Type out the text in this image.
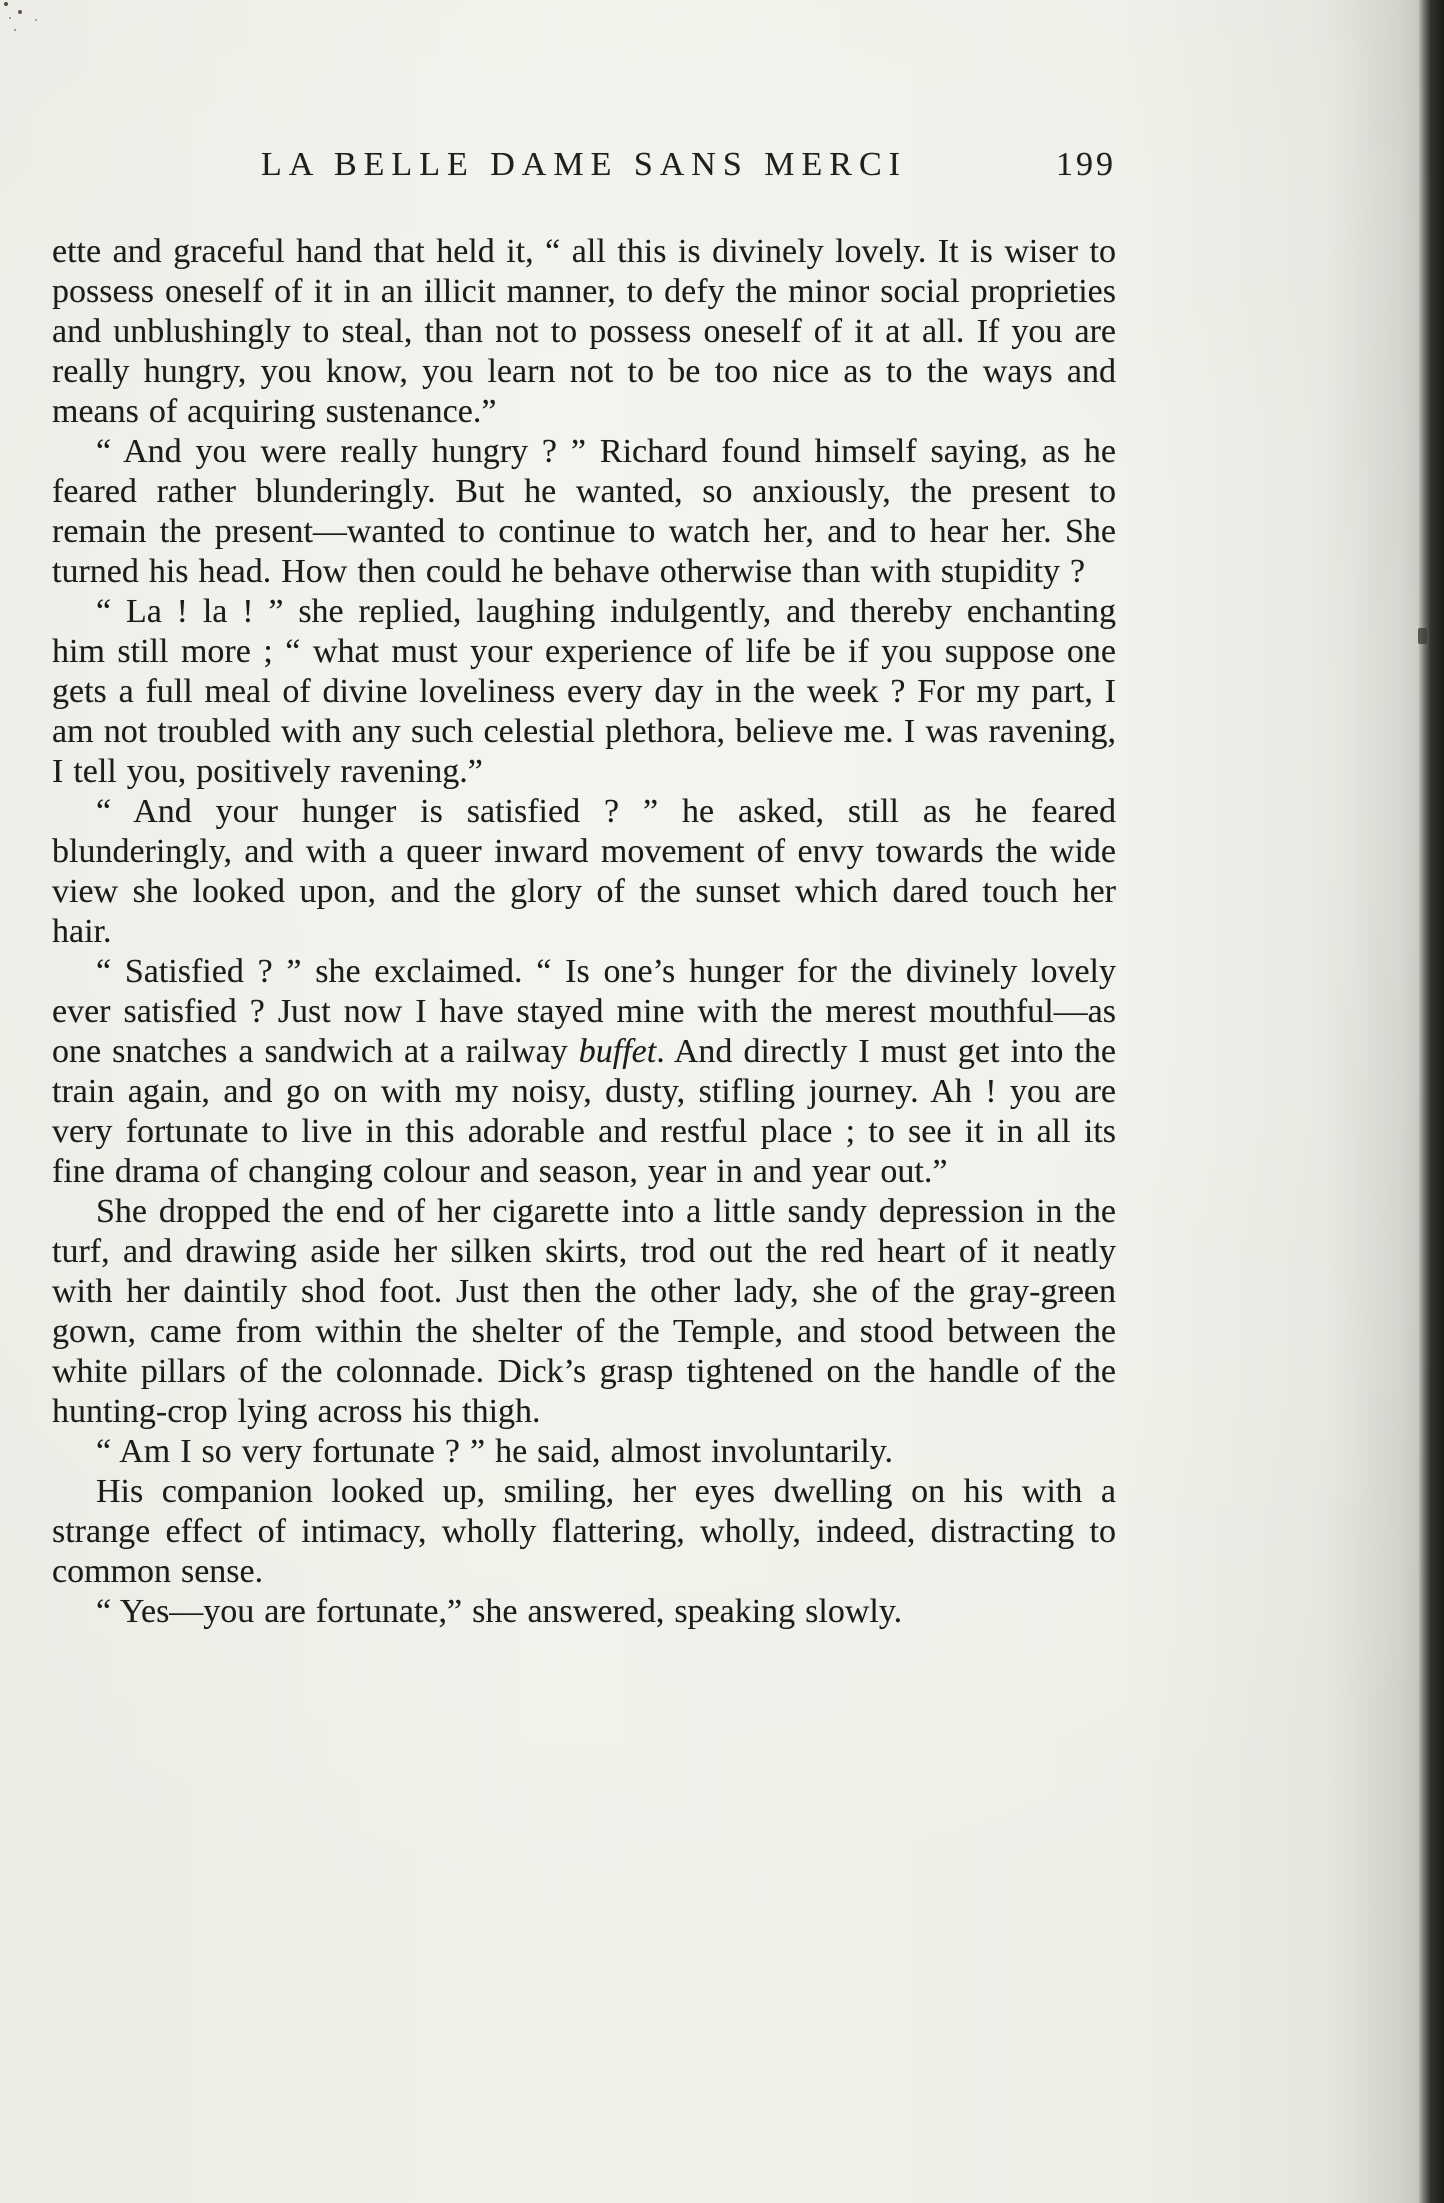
LA BELLE DAME SANS MERCI	199

ette and graceful hand that held it, “ all this is divinely lovely. It is wiser to possess oneself of it in an illicit manner, to defy the minor social proprieties and unblushingly to steal, than not to possess oneself of it at all. If you are really hungry, you know, you learn not to be too nice as to the ways and means of acquiring sustenance.”

“ And you were really hungry ? ” Richard found himself saying, as he feared rather blunderingly. But he wanted, so anxiously, the present to remain the present—wanted to continue to watch her, and to hear her. She turned his head. How then could he behave otherwise than with stupidity ?

“ La ! la ! ” she replied, laughing indulgently, and thereby enchanting him still more ; “ what must your experience of life be if you suppose one gets a full meal of divine loveliness every day in the week ? For my part, I am not troubled with any such celestial plethora, believe me. I was ravening, I tell you, positively ravening.”

“ And your hunger is satisfied ? ” he asked, still as he feared blunderingly, and with a queer inward movement of envy towards the wide view she looked upon, and the glory of the sunset which dared touch her hair.

“ Satisfied ? ” she exclaimed. “ Is one’s hunger for the divinely lovely ever satisfied ? Just now I have stayed mine with the merest mouthful—as one snatches a sandwich at a railway buffet. And directly I must get into the train again, and go on with my noisy, dusty, stifling journey. Ah ! you are very fortunate to live in this adorable and restful place ; to see it in all its fine drama of changing colour and season, year in and year out.”

She dropped the end of her cigarette into a little sandy depression in the turf, and drawing aside her silken skirts, trod out the red heart of it neatly with her daintily shod foot. Just then the other lady, she of the gray-green gown, came from within the shelter of the Temple, and stood between the white pillars of the colonnade. Dick’s grasp tightened on the handle of the hunting-crop lying across his thigh.

“ Am I so very fortunate ? ” he said, almost involuntarily.

His companion looked up, smiling, her eyes dwelling on his with a strange effect of intimacy, wholly flattering, wholly, indeed, distracting to common sense.

“ Yes—you are fortunate,” she answered, speaking slowly.
